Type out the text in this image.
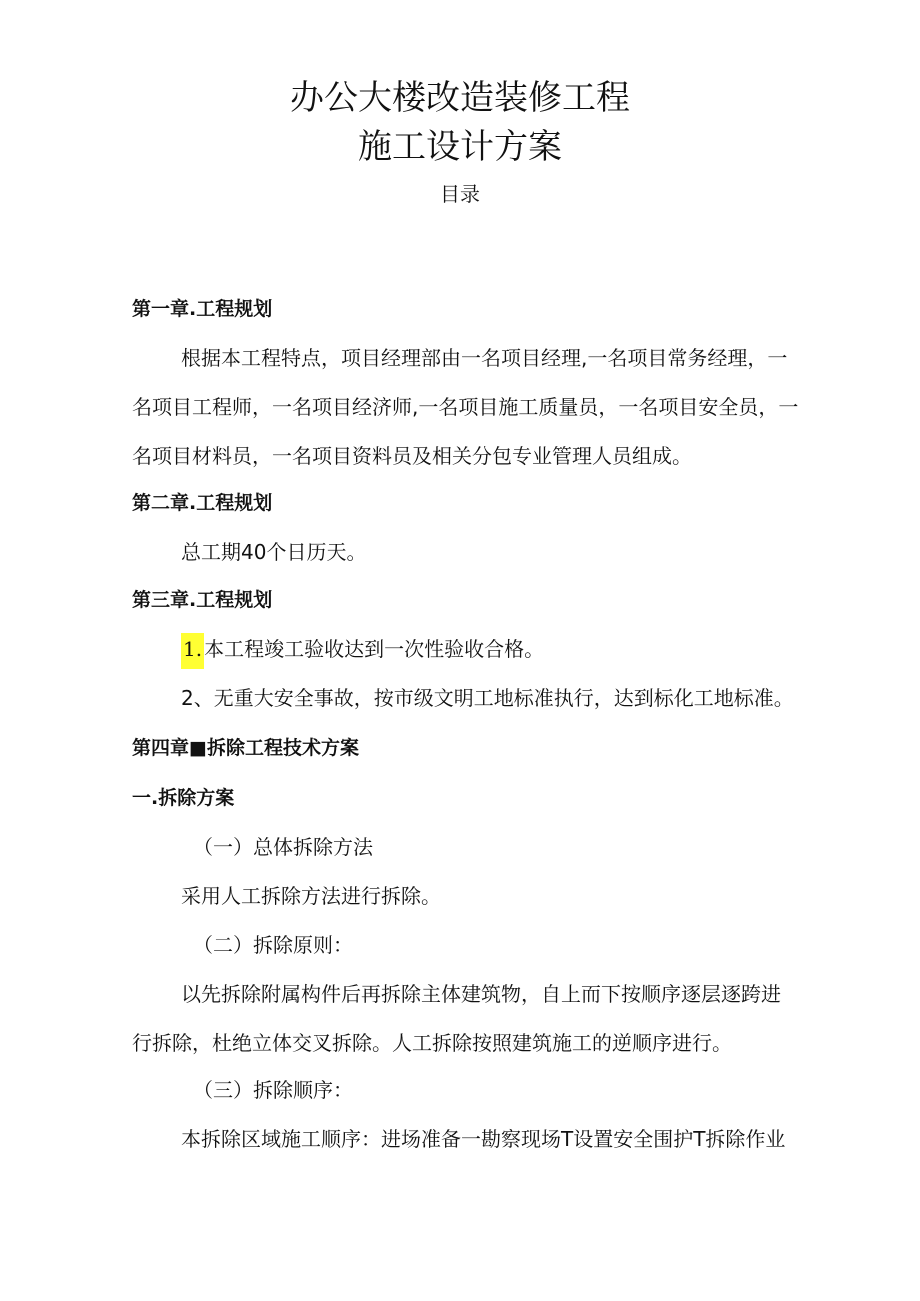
办公大楼改造装修工程
施工设计方案
目录
第一章.工程规划
根据本工程特点，项目经理部由一名项目经理,一名项目常务经理，一
名项目工程师，一名项目经济师,一名项目施工质量员，一名项目安全员，一
名项目材料员，一名项目资料员及相关分包专业管理人员组成。
第二章.工程规划
总工期40个日历天。
第三章.工程规划
1. 本工程竣工验收达到一次性验收合格。
2、无重大安全事故，按市级文明工地标准执行，达到标化工地标准。
第四章■拆除工程技术方案
一.拆除方案
（一）总体拆除方法
采用人工拆除方法进行拆除。
（二）拆除原则：
以先拆除附属构件后再拆除主体建筑物，自上而下按顺序逐层逐跨进
行拆除，杜绝立体交叉拆除。人工拆除按照建筑施工的逆顺序进行。
（三）拆除顺序：
本拆除区域施工顺序：进场准备一勘察现场T设置安全围护T拆除作业
